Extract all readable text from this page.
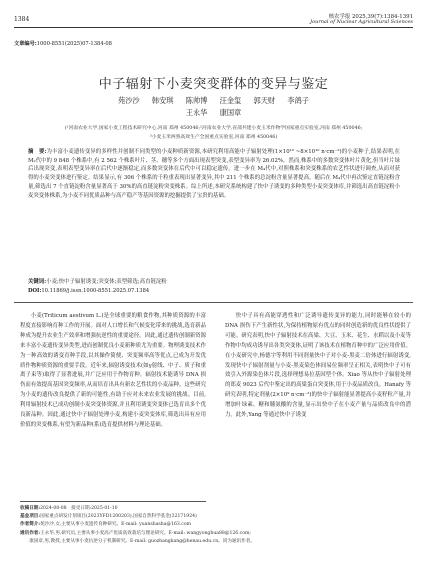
1384	核农学报 2025,39(7):1384-1391
Journal of Nuclear Agricultural Sciences
文章编号:1000-8551(2025)07-1384-08
中子辐射下小麦突变群体的变异与鉴定
苑沙沙 韩安琪 陈帅博 汪金玺 郭天财 李鸽子
王永华 康国章
(¹河南农业大学,国家小麦工程技术研究中心,河南 郑州 450046;²河南农业大学,省部共建小麦玉米作物学国家重点实验室,河南 郑州 450046;
³小麦玉米两熟高效生产全国重点实验室,河南 郑州 450046)
摘　要:为丰富小麦遗传变异的多样性并创制不同类型的小麦种质新资源,本研究利用高能中子辐射处理(1×10¹⁰ ~8×10¹⁰ n·cm⁻²)的小麦种子,结果表明,在 M₂代中的 9 848 个株系中,有 2 562 个株系叶片、茎、穗等多个方面出现表型突变,表型变异率为 26.02%。然而,株系中的多数突变体叶片黄化,但当叶片绿后出现突变,表明表型变异率在后代中逐渐稳定,而多数突变体在后代中可以稳定遗传。进一步在 M₄代中,对照株系和突变株系的农艺性状进行调查,从而对获得的小麦突变体进行鉴定。结果显示,有 306 个株系的千粒重表现出显著变异,其中 211 个株系的总淀粉含量显著提高。随后在 M₄代中再次鉴定直链淀粉含量,筛选出 7 个直链淀粉含量显著高于 30%的高直链淀粉突变株系。综上所述,本研究系统构建了快中子诱变的多种类型小麦突变体库,并筛选出高直链淀粉小麦突变体株系,为小麦不同优质品种与高产稳产等基因资源的挖掘提供了宝贵的基础。
关键词:小麦;快中子辐射诱变;突变体;表型筛选;高直链淀粉
DOI:10.11869/j.issn.1000-8551.2025.07.1384

小麦(Triticum aestivum L.)是全球重要的粮食作物,其种质资源的丰富程度直接影响育种工作的开展。面对人口增长和气候变化带来的挑战,选育新品种成为提升农业生产效率和增强抗逆性的重要途径。因此,通过遗传创制新资源来丰富小麦遗传变异类型,进而创制优良小麦新种质尤为重要。物理诱变技术作为一种高效的诱变育种手段,以其操作简便、突变频率高等优点,已成为开发优质作物种质资源的重要手段。近年来,辐射诱变技术(如γ射线、中子、质子和重离子束等)取得了显著进展,并广泛应用于作物育种。辐射技术能诱导 DNA 损伤而有效提高基因突变频率,从而培育出具有新农艺性状的小麦品种。这些研究为小麦的遗传改良提供了新的可能性,有助于应对未来农业发展的挑战。目前,利用辐射技术已成功创制小麦突变体资源,并且利用诱变突变体已选育出多个优良新品种。因此,通过快中子辐射处理小麦,构建小麦突变体库,筛选出具有应用价值的突变株系,有望为新品种(系)选育提供材料与理论基础。

快中子具有高能穿透性和广泛诱导遗传变异的能力,同时能够在较小的 DNA 损伤下产生新性状,为保持植物原有优点的同时创造新的优良性状提供了可能。研究表明,快中子辐射技术在高粱、大豆、玉米、花生、水稻以及小麦等作物中均成功诱导出各类突变体,证明了该技术在植物育种中的广泛应用价值。在小麦研究中,杨德宇等利用不同剂量快中子对小麦-黑麦二倍体进行辐射诱变,发现快中子辐射剂量与小麦-黑麦染色体间易位频率呈正相关,表明快中子可有效引入外源染色体片段,选择理想易位基因型个体。Xiao 等从快中子辐射处理的郑麦 9023 后代中鉴定出的高粱蛋白突变体,用于小麦品质改良。Hanafy 等研究表明,特定剂量(2×10⁹ n·cm⁻²)的快中子辐射能显著提高小麦籽粒产量,并增加叶绿素、糖和脯氨酸的含量,显示出快中子在小麦产量与品质改良中的潜力。此外,Yang 等通过快中子诱变

收稿日期:2024-08-08　接受日期:2025-01-10
基金项目:国家重点研发计划项目(2023YFD1200203),国家自然科学基金(32171924)
作者简介:苑沙沙,女,主要从事小麦遗传育种研究。E-mail: yuanshasha@163.com
通讯作者:王永华,男,研究员,主要从事小麦高产优质高效栽培与理论研究。E-mail: wangyonghua88@126.com;
康国章,男,教授,主要从事小麦抗逆分子机制研究。E-mail: guozhangkang@henau.edu.cn。同为通讯作者。
